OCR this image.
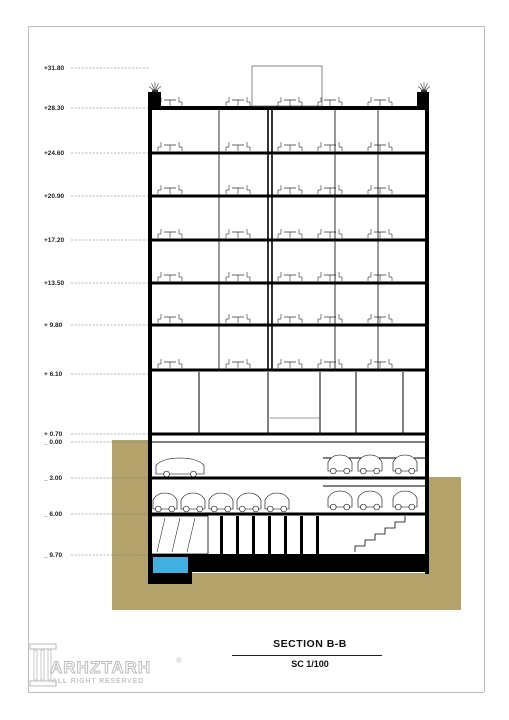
+31.80
+28.30
+24.60
+20.90
+17.20
+13.50
+ 9.80
+ 6.10
+ 0.70
_ 0.00
_ 3.00
_ 6.00
_ 9.70
SECTION B-B
SC 1/100
ARHZTARH
ALL RIGHT RESERVED
®
